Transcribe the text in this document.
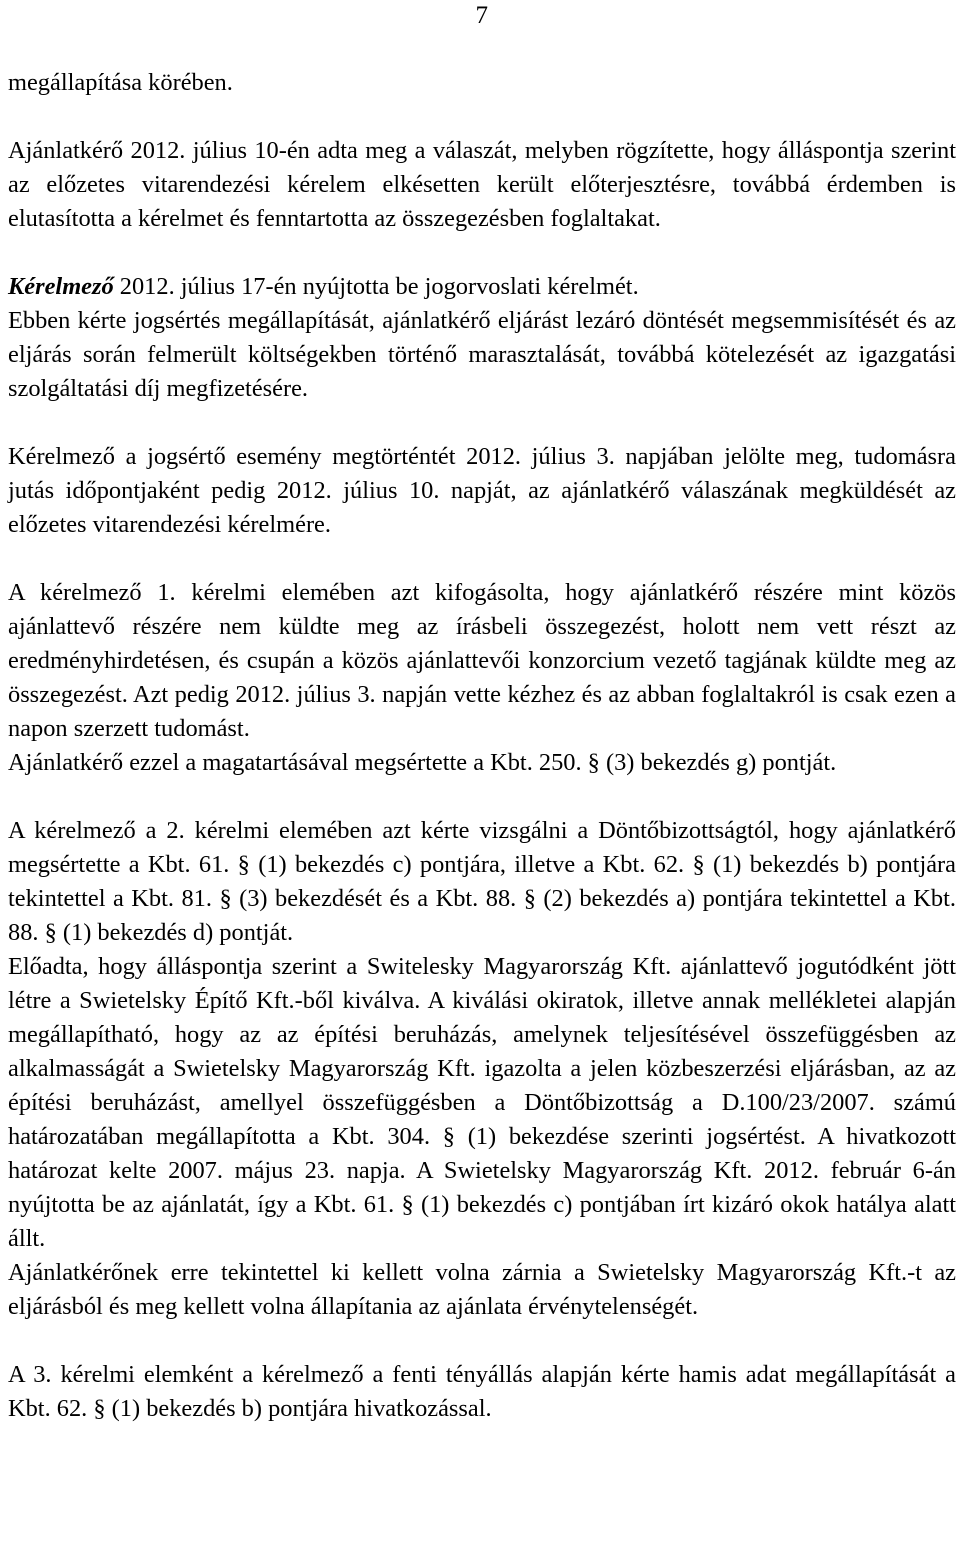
7

megállapítása körében.

Ajánlatkérő 2012. július 10-én adta meg a válaszát, melyben rögzítette, hogy álláspontja szerint az előzetes vitarendezési kérelem elkésetten került előterjesztésre, továbbá érdemben is elutasította a kérelmet és fenntartotta az összegezésben foglaltakat.

Kérelmező 2012. július 17-én nyújtotta be jogorvoslati kérelmét.

Ebben kérte jogsértés megállapítását, ajánlatkérő eljárást lezáró döntését megsemmisítését és az eljárás során felmerült költségekben történő marasztalását, továbbá kötelezését az igazgatási szolgáltatási díj megfizetésére.

Kérelmező a jogsértő esemény megtörténtét 2012. július 3. napjában jelölte meg, tudomásra jutás időpontjaként pedig 2012. július 10. napját, az ajánlatkérő válaszának megküldését az előzetes vitarendezési kérelmére.

A kérelmező 1. kérelmi elemében azt kifogásolta, hogy ajánlatkérő részére mint közös ajánlattevő részére nem küldte meg az írásbeli összegezést, holott nem vett részt az eredményhirdetésen, és csupán a közös ajánlattevői konzorcium vezető tagjának küldte meg az összegezést. Azt pedig 2012. július 3. napján vette kézhez és az abban foglaltakról is csak ezen a napon szerzett tudomást.

Ajánlatkérő ezzel a magatartásával megsértette a Kbt. 250. § (3) bekezdés g) pontját.

A kérelmező a 2. kérelmi elemében azt kérte vizsgálni a Döntőbizottságtól, hogy ajánlatkérő megsértette a Kbt. 61. § (1) bekezdés c) pontjára, illetve a Kbt. 62. § (1) bekezdés b) pontjára tekintettel a Kbt. 81. § (3) bekezdését és a Kbt. 88. § (2) bekezdés a) pontjára tekintettel a Kbt. 88. § (1) bekezdés d) pontját.

Előadta, hogy álláspontja szerint a Switelesky Magyarország Kft. ajánlattevő jogutódként jött létre a Swietelsky Építő Kft.-ből kiválva. A kiválási okiratok, illetve annak mellékletei alapján megállapítható, hogy az az építési beruházás, amelynek teljesítésével összefüggésben az alkalmasságát a Swietelsky Magyarország Kft. igazolta a jelen közbeszerzési eljárásban, az az építési beruházást, amellyel összefüggésben a Döntőbizottság a D.100/23/2007. számú határozatában megállapította a Kbt. 304. § (1) bekezdése szerinti jogsértést. A hivatkozott határozat kelte 2007. május 23. napja. A Swietelsky Magyarország Kft. 2012. február 6-án nyújtotta be az ajánlatát, így a Kbt. 61. § (1) bekezdés c) pontjában írt kizáró okok hatálya alatt állt.

Ajánlatkérőnek erre tekintettel ki kellett volna zárnia a Swietelsky Magyarország Kft.-t az eljárásból és meg kellett volna állapítania az ajánlata érvénytelenségét.

A 3. kérelmi elemként a kérelmező a fenti tényállás alapján kérte hamis adat megállapítását a Kbt. 62. § (1) bekezdés b) pontjára hivatkozással.
